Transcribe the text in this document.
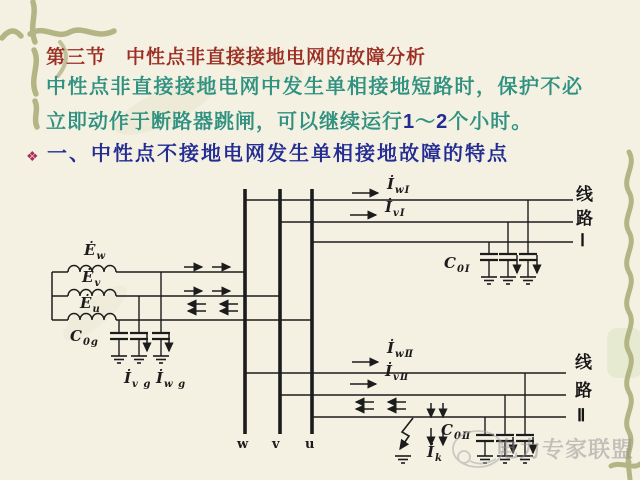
第三节　中性点非直接接地电网的故障分析
中性点非直接接地电网中发生单相接地短路时，保护不必
立即动作于断路器跳闸，可以继续运行1～2个小时。
❖ 一、中性点不接地电网发生单相接地故障的特点
$Ė_w$
$Ė_v$
$Ė_u$
$C_{0g}$
$İ_{v g}$ $İ_{w g}$
w v u
$İ_{wⅠ}$
$İ_{vⅠ}$
$C_{0Ⅰ}$
线
路
Ⅰ
$İ_{wⅡ}$
$İ_{vⅡ}$
$C_{0Ⅱ}$
$İ_k$
线
路
Ⅱ
电力专家联盟
